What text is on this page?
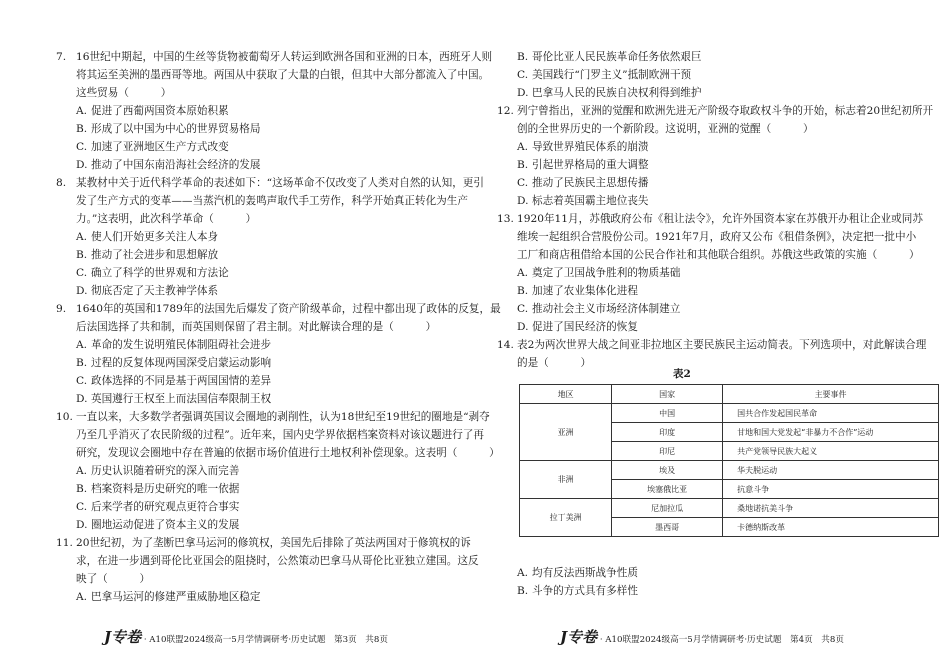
7. 16世纪中期起，中国的生丝等货物被葡萄牙人转运到欧洲各国和亚洲的日本，西班牙人则
将其运至美洲的墨西哥等地。两国从中获取了大量的白银，但其中大部分都流入了中国。
这些贸易（　　　）
A. 促进了西葡两国资本原始积累
B. 形成了以中国为中心的世界贸易格局
C. 加速了亚洲地区生产方式改变
D. 推动了中国东南沿海社会经济的发展
8. 某教材中关于近代科学革命的表述如下：“这场革命不仅改变了人类对自然的认知，更引
发了生产方式的变革——当蒸汽机的轰鸣声取代手工劳作，科学开始真正转化为生产
力。”这表明，此次科学革命（　　　）
A. 使人们开始更多关注人本身
B. 推动了社会进步和思想解放
C. 确立了科学的世界观和方法论
D. 彻底否定了天主教神学体系
9. 1640年的英国和1789年的法国先后爆发了资产阶级革命，过程中都出现了政体的反复，最
后法国选择了共和制，而英国则保留了君主制。对此解读合理的是（　　　）
A. 革命的发生说明殖民体制阻碍社会进步
B. 过程的反复体现两国深受启蒙运动影响
C. 政体选择的不同是基于两国国情的差异
D. 英国遵行王权至上而法国信奉限制王权
10. 一直以来，大多数学者强调英国议会圈地的剥削性，认为18世纪至19世纪的圈地是“剥夺
乃至几乎消灭了农民阶级的过程”。近年来，国内史学界依据档案资料对该议题进行了再
研究，发现议会圈地中存在普遍的依据市场价值进行土地权利补偿现象。这表明（　　　）
A. 历史认识随着研究的深入而完善
B. 档案资料是历史研究的唯一依据
C. 后来学者的研究观点更符合事实
D. 圈地运动促进了资本主义的发展
11. 20世纪初，为了垄断巴拿马运河的修筑权，美国先后排除了英法两国对于修筑权的诉
求，在进一步遇到哥伦比亚国会的阻挠时，公然策动巴拿马从哥伦比亚独立建国。这反
映了（　　　）
A. 巴拿马运河的修建严重威胁地区稳定
表2
地区	国家	主要事件
亚洲	中国	国共合作发起国民革命
	印度	甘地和国大党发起“非暴力不合作”运动
	印尼	共产党领导民族大起义
非洲	埃及	华夫脱运动
	埃塞俄比亚	抗意斗争
拉丁美洲	尼加拉瓜	桑地诺抗美斗争
	墨西哥	卡德纳斯改革
B. 哥伦比亚人民民族革命任务依然艰巨
C. 美国践行“门罗主义”抵制欧洲干预
D. 巴拿马人民的民族自决权利得到维护
12. 列宁曾指出，亚洲的觉醒和欧洲先进无产阶级夺取政权斗争的开始，标志着20世纪初所开
创的全世界历史的一个新阶段。这说明，亚洲的觉醒（　　　）
A. 导致世界殖民体系的崩溃
B. 引起世界格局的重大调整
C. 推动了民族民主思想传播
D. 标志着英国霸主地位丧失
13. 1920年11月，苏俄政府公布《租让法令》，允许外国资本家在苏俄开办租让企业或同苏
维埃一起组织合营股份公司。1921年7月，政府又公布《租借条例》，决定把一批中小
工厂和商店租借给本国的公民合作社和其他联合组织。苏俄这些政策的实施（　　　）
A. 奠定了卫国战争胜利的物质基础
B. 加速了农业集体化进程
C. 推动社会主义市场经济体制建立
D. 促进了国民经济的恢复
14. 表2为两次世界大战之间亚非拉地区主要民族民主运动简表。下列选项中，对此解读合理
的是（　　　）
A. 均有反法西斯战争性质
B. 斗争的方式具有多样性
J专卷 · A10联盟2024级高一5月学情调研考·历史试题　第3页　共8页	J专卷 · A10联盟2024级高一5月学情调研考·历史试题　第4页　共8页
